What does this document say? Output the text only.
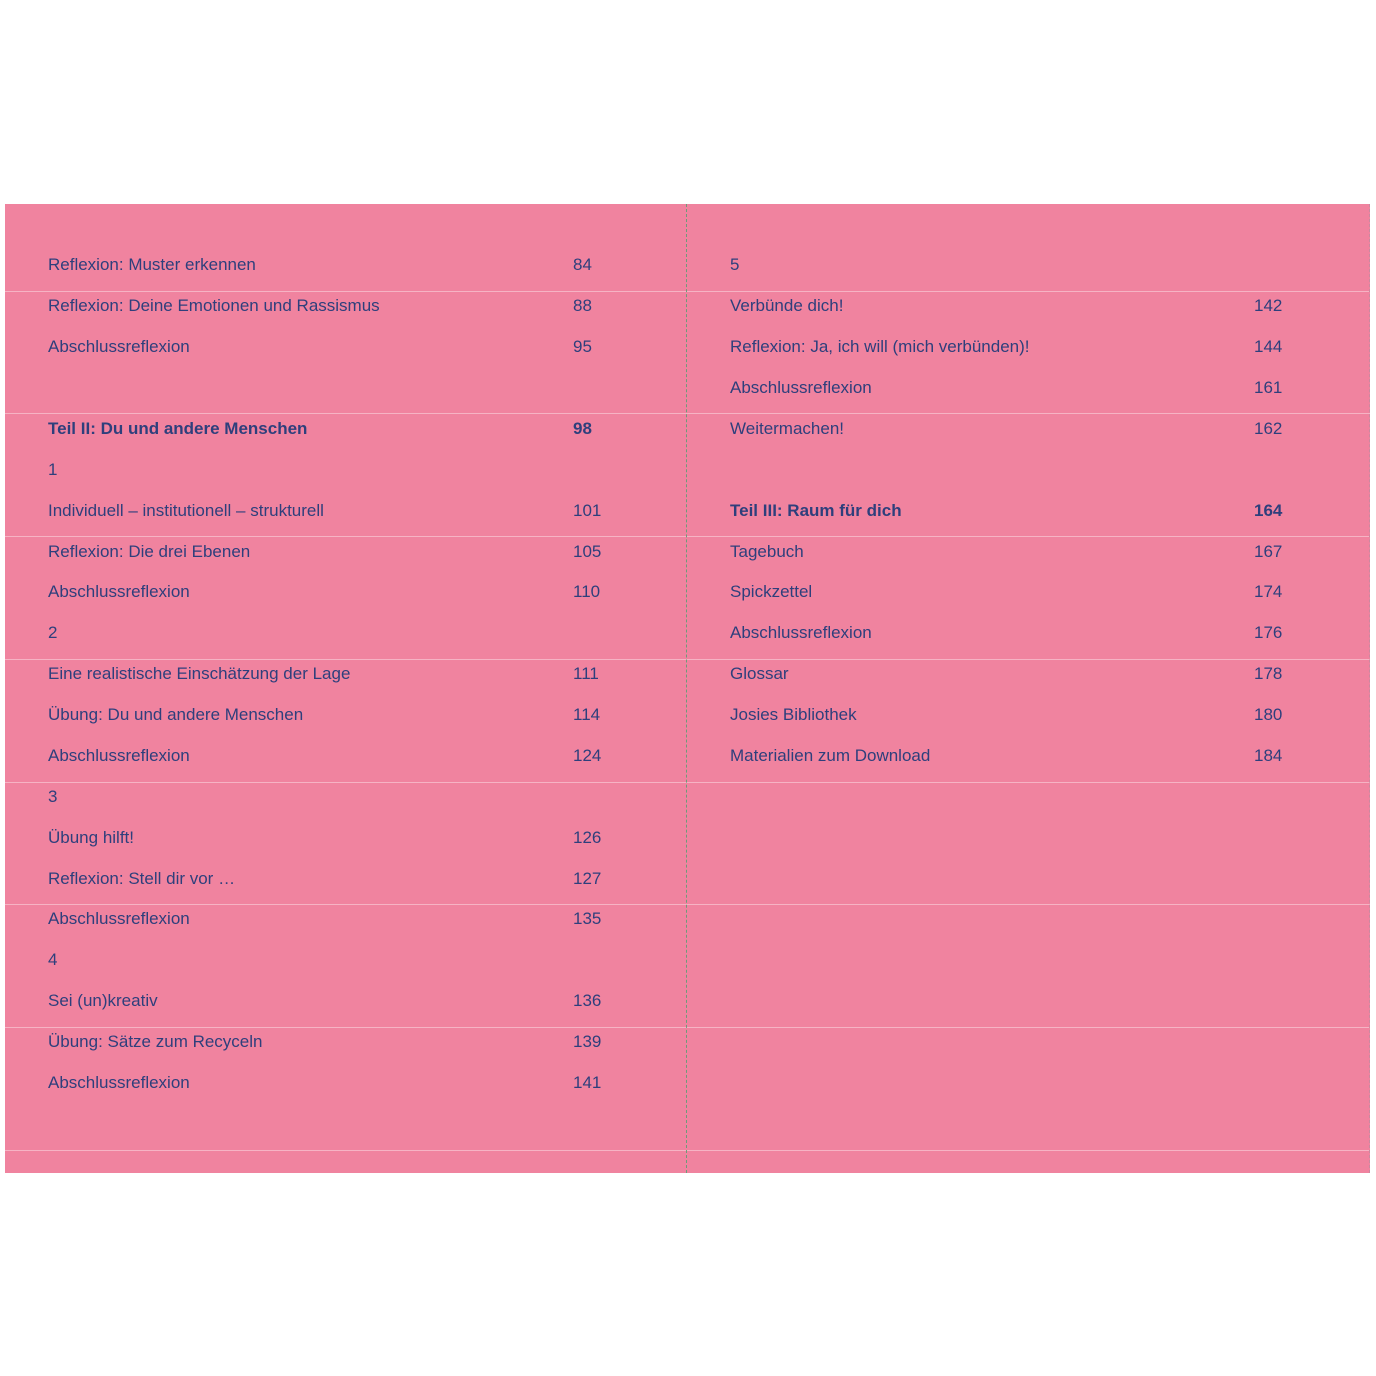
Reflexion: Muster erkennen	84
Reflexion: Deine Emotionen und Rassismus	88
Abschlussreflexion	95
Teil II: Du und andere Menschen	98
1
Individuell – institutionell – strukturell	101
Reflexion: Die drei Ebenen	105
Abschlussreflexion	110
2
Eine realistische Einschätzung der Lage	111
Übung: Du und andere Menschen	114
Abschlussreflexion	124
3
Übung hilft!	126
Reflexion: Stell dir vor …	127
Abschlussreflexion	135
4
Sei (un)kreativ	136
Übung: Sätze zum Recyceln	139
Abschlussreflexion	141
5
Verbünde dich!	142
Reflexion: Ja, ich will (mich verbünden)!	144
Abschlussreflexion	161
Weitermachen!	162
Teil III: Raum für dich	164
Tagebuch	167
Spickzettel	174
Abschlussreflexion	176
Glossar	178
Josies Bibliothek	180
Materialien zum Download	184
